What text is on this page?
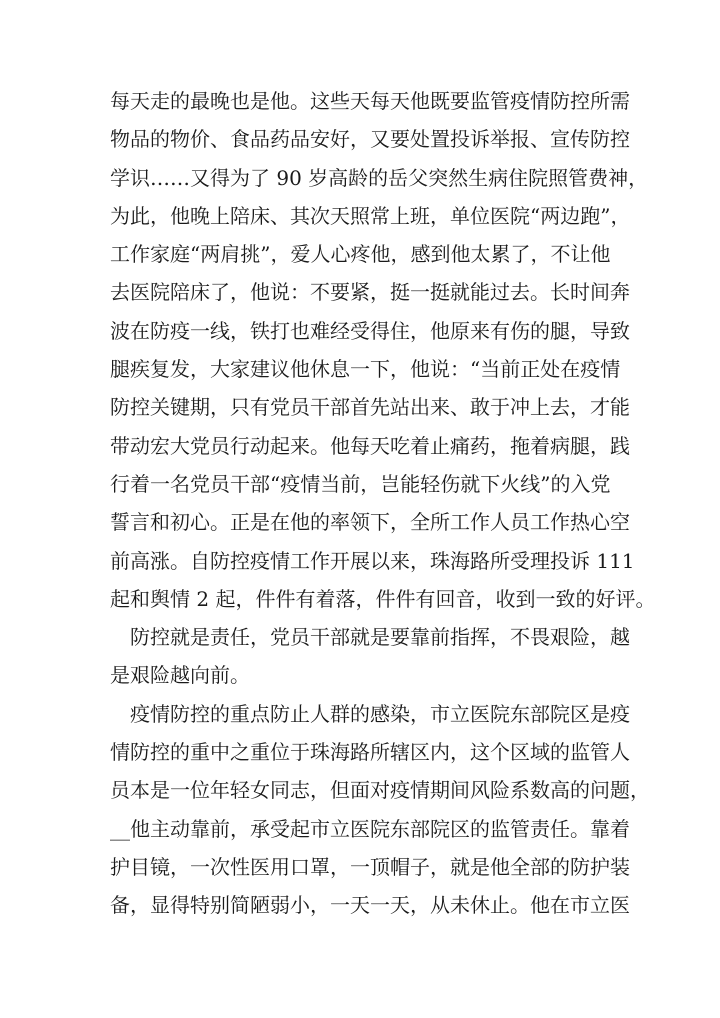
每天走的最晚也是他。这些天每天他既要监管疫情防控所需
物品的物价、食品药品安好，又要处置投诉举报、宣传防控
学识……又得为了 90 岁高龄的岳父突然生病住院照管费神，
为此，他晚上陪床、其次天照常上班，单位医院“两边跑”，
工作家庭“两肩挑”，爱人心疼他，感到他太累了，不让他
去医院陪床了，他说：不要紧，挺一挺就能过去。长时间奔
波在防疫一线，铁打也难经受得住，他原来有伤的腿，导致
腿疾复发，大家建议他休息一下，他说：“当前正处在疫情
防控关键期，只有党员干部首先站出来、敢于冲上去，才能
带动宏大党员行动起来。他每天吃着止痛药，拖着病腿，践
行着一名党员干部“疫情当前，岂能轻伤就下火线”的入党
誓言和初心。正是在他的率领下，全所工作人员工作热心空
前高涨。自防控疫情工作开展以来，珠海路所受理投诉 111
起和舆情 2 起，件件有着落，件件有回音，收到一致的好评。
防控就是责任，党员干部就是要靠前指挥，不畏艰险，越
是艰险越向前。
疫情防控的重点防止人群的感染，市立医院东部院区是疫
情防控的重中之重位于珠海路所辖区内，这个区域的监管人
员本是一位年轻女同志，但面对疫情期间风险系数高的问题，
__他主动靠前，承受起市立医院东部院区的监管责任。靠着
护目镜，一次性医用口罩，一顶帽子，就是他全部的防护装
备，显得特别简陋弱小，一天一天，从未休止。他在市立医
